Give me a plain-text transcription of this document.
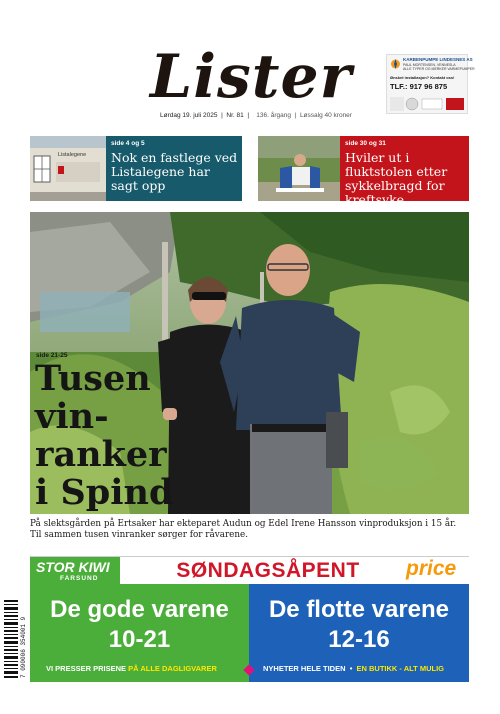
Lister
Lørdag 19. juli 2025  |  Nr. 81  |    136. årgang  |  Løssalg 40 kroner
KARBENPUMPE LINDESNES AS
PAUL MORTENSEN, VENNESLA
ALLE TYPER OG MERKER VARMEPUMPER
Ønsket installasjon? Kontakt oss!
TLF.: 917 96 875
side 4 og 5
Nok en fastlege ved Listalegene har sagt opp
Listalegene
side 30 og 31
Hviler ut i fluktstolen etter sykkelbragd for kreftsyke
side 21-25
Tusen
vin-
ranker
i Spind
På slektsgården på Ertsaker har ekteparet Audun og Edel Irene Hansson vinproduksjon i 15 år. Til sammen tusen vinranker sørger for råvarene.
STOR KIWI
FARSUND	SØNDAGSÅPENT	price
De gode varene
10-21
VI PRESSER PRISENE PÅ ALLE DAGLIGVARER
De flotte varene
12-16
NYHETER HELE TIDEN  •  EN BUTIKK - ALT MULIG
7 090006 354001 9
